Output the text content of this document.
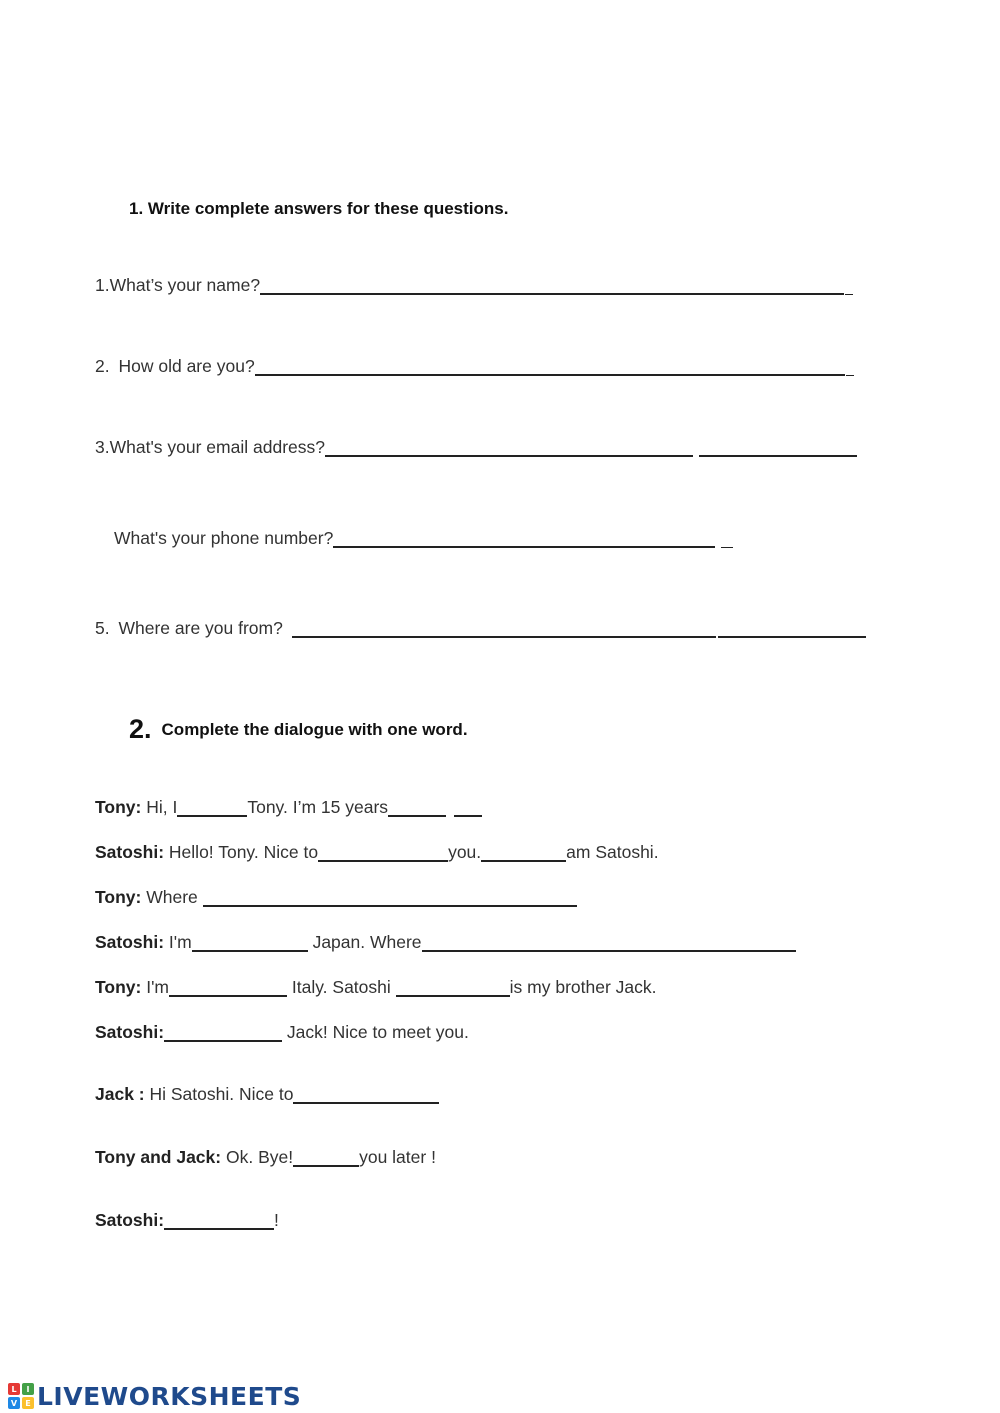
1. Write complete answers for these questions.
1.What’s your name?
2. How old are you?
3.What's your email address?
What's your phone number?
5. Where are you from?
2. Complete the dialogue with one word.
Tony: Hi, I	Tony. I’m 15 years
Satoshi: Hello! Tony. Nice to	you.	am Satoshi.
Tony: Where
Satoshi: I'm	Japan. Where
Tony: I'm	Italy. Satoshi	is my brother Jack.
Satoshi:	Jack! Nice to meet you.
Jack : Hi Satoshi. Nice to
Tony and Jack: Ok. Bye!	you later !
Satoshi:	!
L I
V E LIVEWORKSHEETS
